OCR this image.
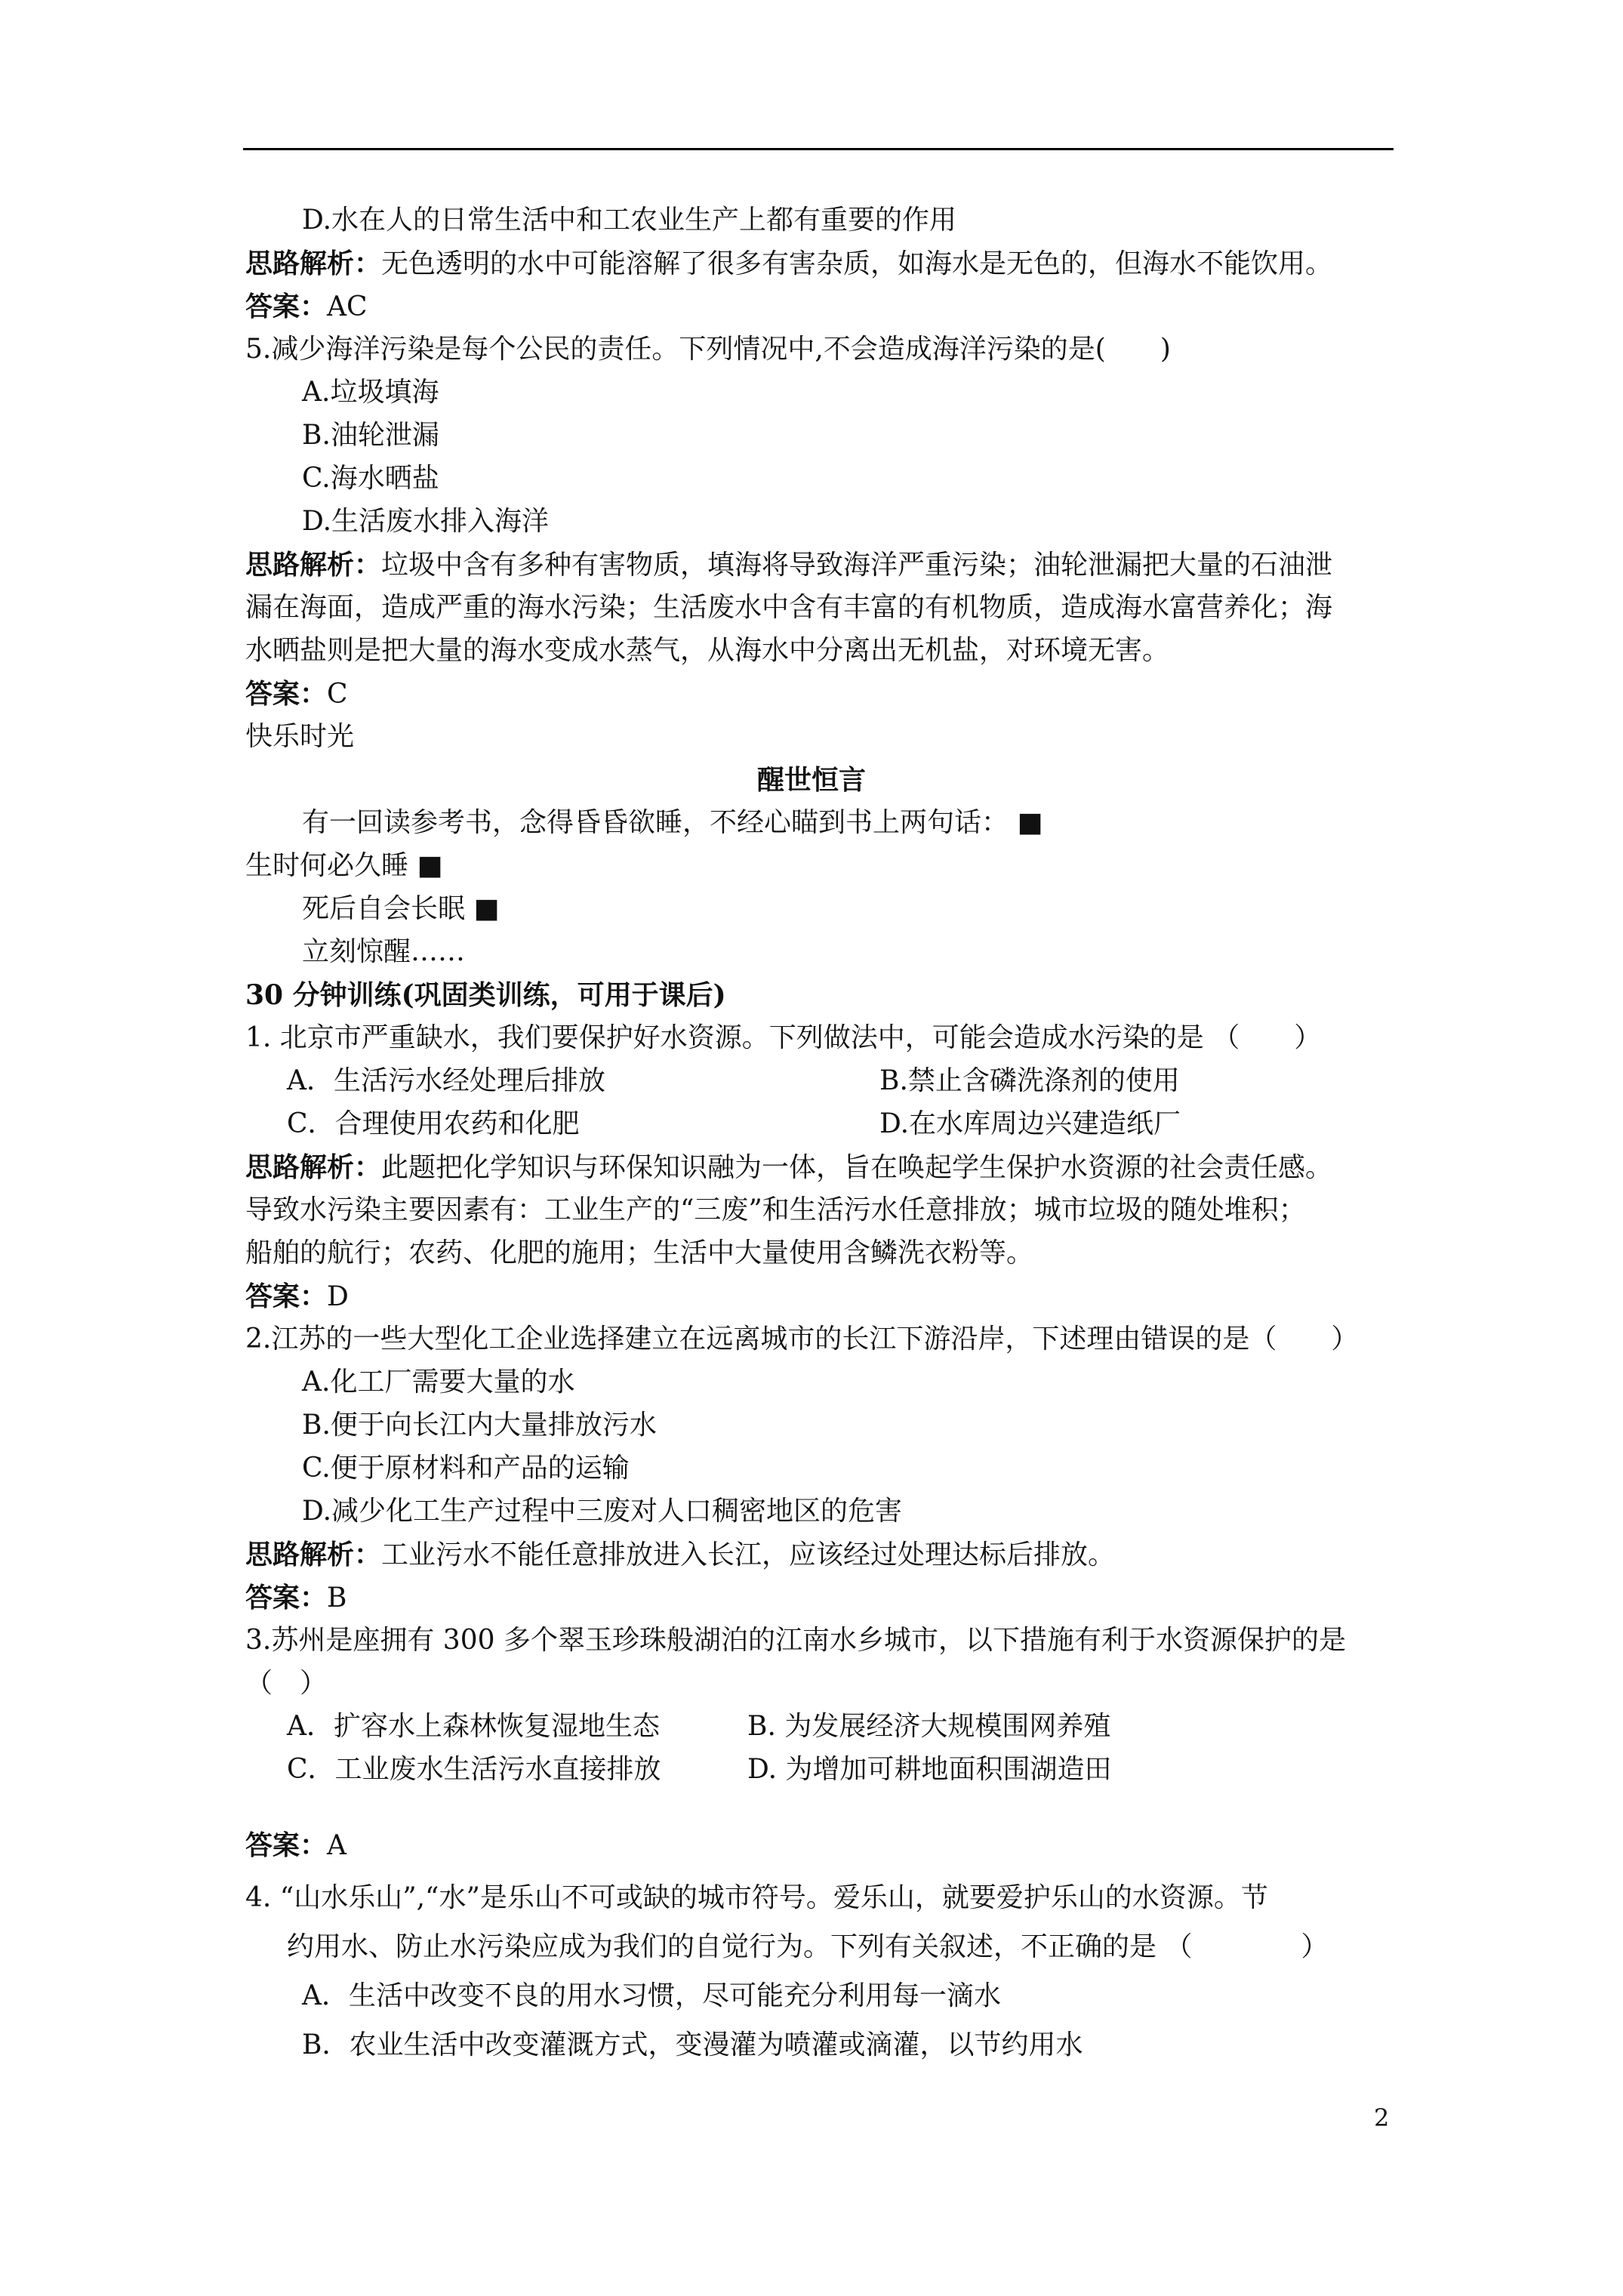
D.水在人的日常生活中和工农业生产上都有重要的作用
思路解析：无色透明的水中可能溶解了很多有害杂质，如海水是无色的，但海水不能饮用。
答案：AC
5.减少海洋污染是每个公民的责任。下列情况中,不会造成海洋污染的是(　　)
A.垃圾填海
B.油轮泄漏
C.海水晒盐
D.生活废水排入海洋
思路解析：垃圾中含有多种有害物质，填海将导致海洋严重污染；油轮泄漏把大量的石油泄
漏在海面，造成严重的海水污染；生活废水中含有丰富的有机物质，造成海水富营养化；海
水晒盐则是把大量的海水变成水蒸气，从海水中分离出无机盐，对环境无害。
答案：C
快乐时光
醒世恒言
有一回读参考书，念得昏昏欲睡，不经心瞄到书上两句话： ■
生时何必久睡 ■
死后自会长眠 ■
立刻惊醒……
30 分钟训练(巩固类训练，可用于课后)
1. 北京市严重缺水，我们要保护好水资源。下列做法中，可能会造成水污染的是 （　　）
A．生活污水经处理后排放	B.禁止含磷洗涤剂的使用
C．合理使用农药和化肥	D.在水库周边兴建造纸厂
思路解析：此题把化学知识与环保知识融为一体，旨在唤起学生保护水资源的社会责任感。
导致水污染主要因素有：工业生产的“三废”和生活污水任意排放；城市垃圾的随处堆积；
船舶的航行；农药、化肥的施用；生活中大量使用含鳞洗衣粉等。
答案：D
2.江苏的一些大型化工企业选择建立在远离城市的长江下游沿岸，下述理由错误的是（　　）
A.化工厂需要大量的水
B.便于向长江内大量排放污水
C.便于原材料和产品的运输
D.减少化工生产过程中三废对人口稠密地区的危害
思路解析：工业污水不能任意排放进入长江，应该经过处理达标后排放。
答案：B
3.苏州是座拥有 300 多个翠玉珍珠般湖泊的江南水乡城市，以下措施有利于水资源保护的是
（　）
A．扩容水上森林恢复湿地生态	B. 为发展经济大规模围网养殖
C．工业废水生活污水直接排放	D. 为增加可耕地面积围湖造田
答案：A
4. “山水乐山”,“水”是乐山不可或缺的城市符号。爱乐山，就要爱护乐山的水资源。节
约用水、防止水污染应成为我们的自觉行为。下列有关叙述，不正确的是 （　　　　）
A．生活中改变不良的用水习惯，尽可能充分利用每一滴水
B．农业生活中改变灌溉方式，变漫灌为喷灌或滴灌，以节约用水
2
